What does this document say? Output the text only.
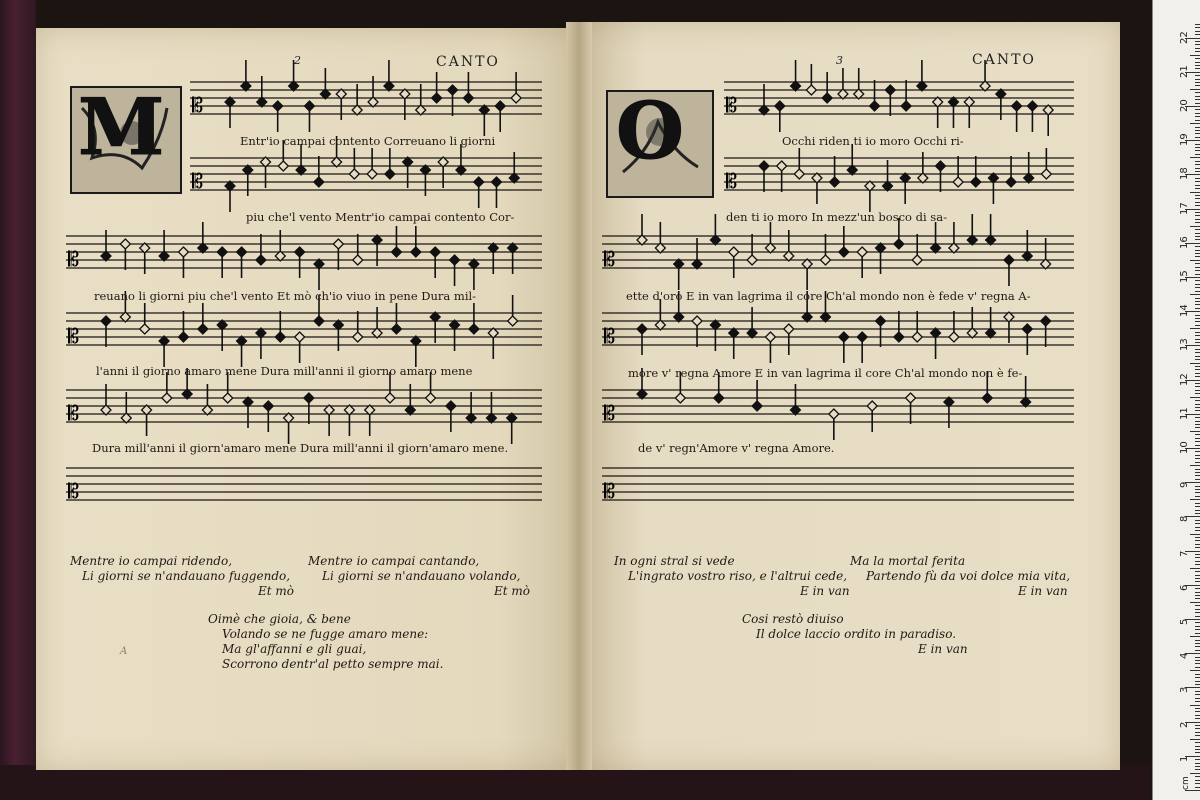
2	CANTO	3	CANTO
M	O
𝄡
𝄡
𝄡
𝄡
𝄡
𝄡
𝄡
𝄡
𝄡
𝄡
𝄡
𝄡
Entr'io campai contento Correuano li giorni
piu che'l vento Mentr'io campai contento Cor-
reuano li giorni piu che'l vento Et mò ch'io viuo in pene Dura mil-
l'anni il giorno amaro mene Dura mill'anni il giorno amaro mene
Dura mill'anni il giorn'amaro mene Dura mill'anni il giorn'amaro mene.
Occhi riden ti io moro Occhi ri-
den ti io moro In mezz'un bosco di sa-
ette d'oro E in van lagrima il core Ch'al mondo non è fede v' regna A-
more v' regna Amore E in van lagrima il core Ch'al mondo non è fe-
de v' regn'Amore v' regna Amore.
Mentre io campai ridendo,
Li giorni se n'andauano fuggendo,
Et mò
Mentre io campai cantando,
Li giorni se n'andauano volando,
Et mò
Oimè che gioia, & bene
Volando se ne fugge amaro mene:
Ma gl'affanni e gli guai,
Scorrono dentr'al petto sempre mai.
A
In ogni stral si vede
L'ingrato vostro riso, e l'altrui cede,
E in van
Ma la mortal ferita
Partendo fù da voi dolce mia vita,
E in van
Cosi restò diuiso
Il dolce laccio ordito in paradiso.
E in van
cm
1
2
3
4
5
6
7
8
9
10
11
12
13
14
15
16
17
18
19
20
21
22
